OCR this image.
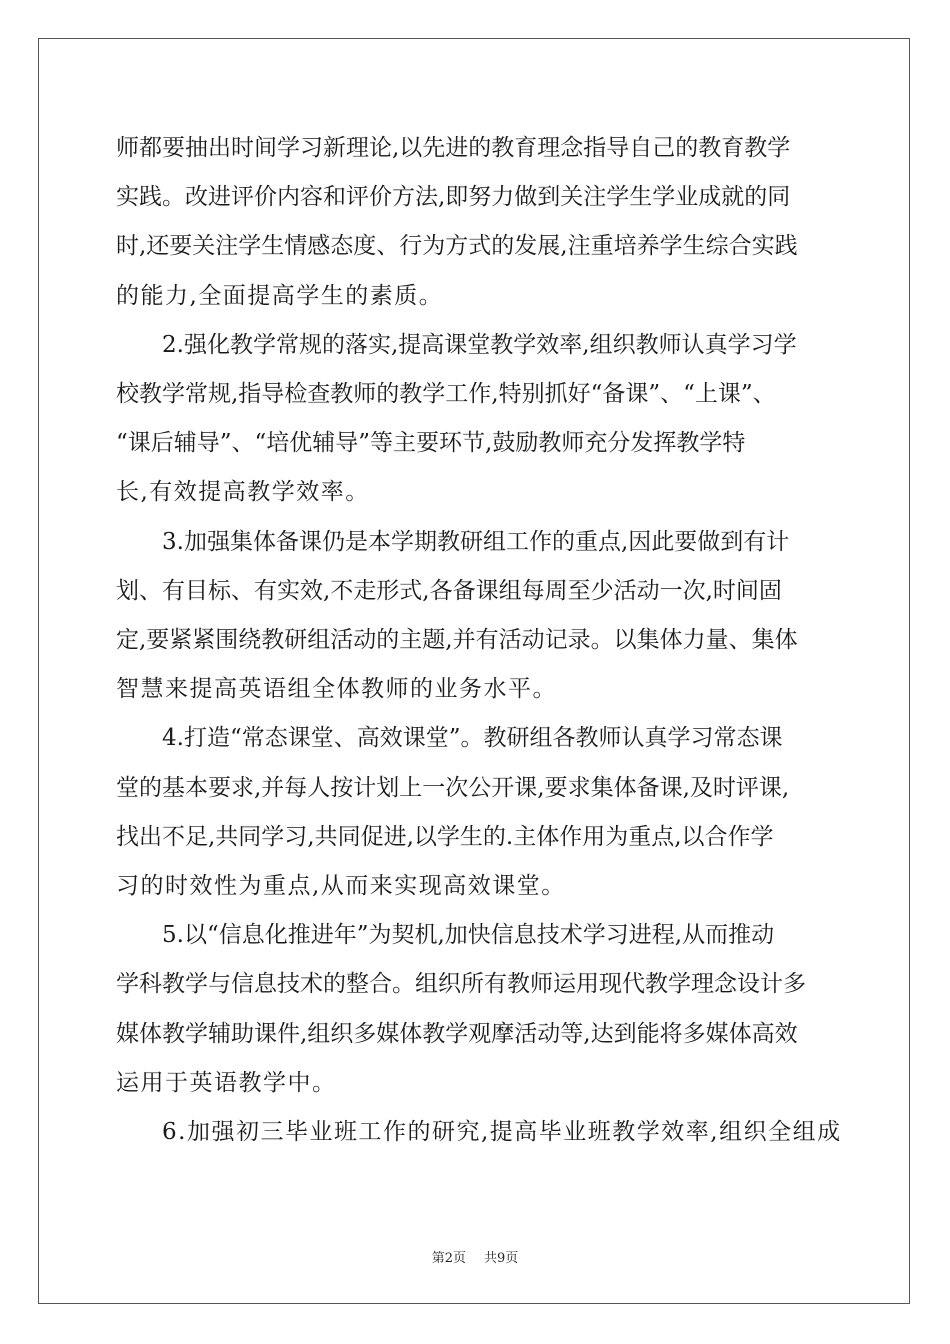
师都要抽出时间学习新理论,以先进的教育理念指导自己的教育教学
实践。改进评价内容和评价方法,即努力做到关注学生学业成就的同
时,还要关注学生情感态度、行为方式的发展,注重培养学生综合实践
的能力,全面提高学生的素质。

2.强化教学常规的落实,提高课堂教学效率,组织教师认真学习学
校教学常规,指导检查教师的教学工作,特别抓好“备课”、“上课”、
“课后辅导”、“培优辅导”等主要环节,鼓励教师充分发挥教学特
长,有效提高教学效率。

3.加强集体备课仍是本学期教研组工作的重点,因此要做到有计
划、有目标、有实效,不走形式,各备课组每周至少活动一次,时间固
定,要紧紧围绕教研组活动的主题,并有活动记录。以集体力量、集体
智慧来提高英语组全体教师的业务水平。

4.打造“常态课堂、高效课堂”。教研组各教师认真学习常态课
堂的基本要求,并每人按计划上一次公开课,要求集体备课,及时评课,
找出不足,共同学习,共同促进,以学生的.主体作用为重点,以合作学
习的时效性为重点,从而来实现高效课堂。

5.以“信息化推进年”为契机,加快信息技术学习进程,从而推动
学科教学与信息技术的整合。组织所有教师运用现代教学理念设计多
媒体教学辅助课件,组织多媒体教学观摩活动等,达到能将多媒体高效
运用于英语教学中。

6.加强初三毕业班工作的研究,提高毕业班教学效率,组织全组成

第2页 共9页
